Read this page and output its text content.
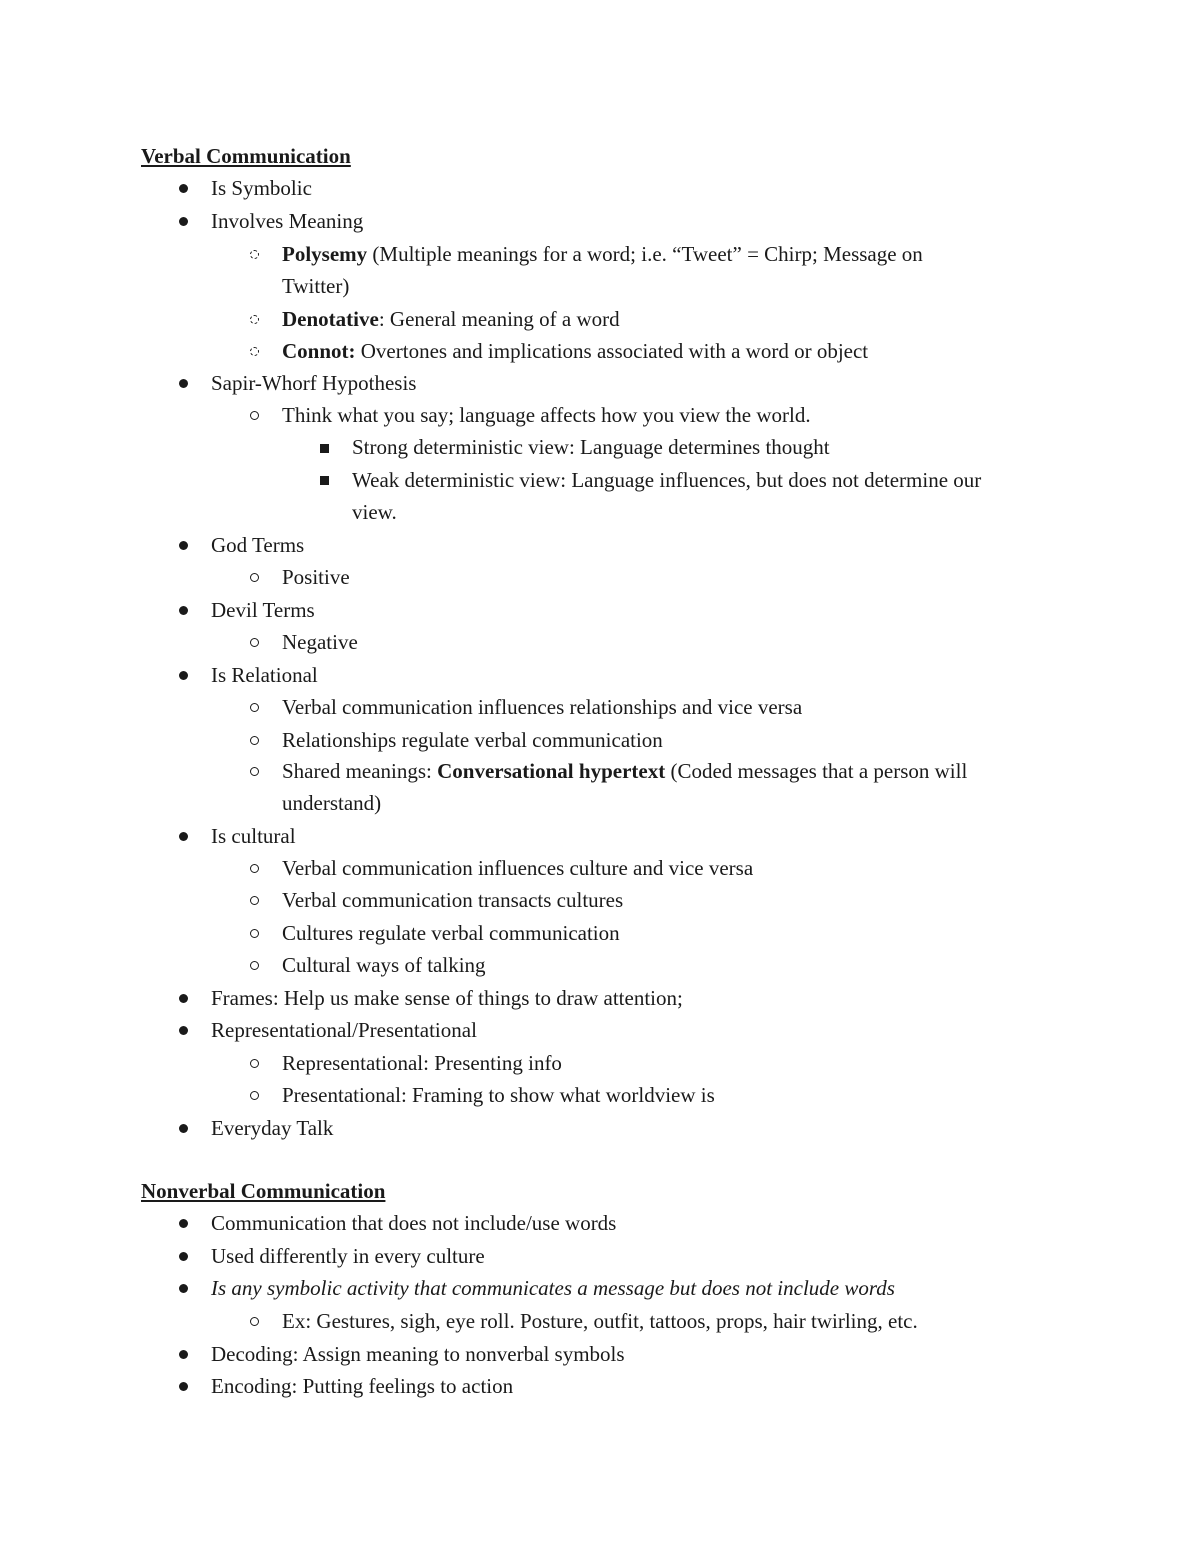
Verbal Communication
Is Symbolic
Involves Meaning
Polysemy (Multiple meanings for a word; i.e. “Tweet” = Chirp; Message on
Twitter)
Denotative: General meaning of a word
Connot: Overtones and implications associated with a word or object
Sapir-Whorf Hypothesis
Think what you say; language affects how you view the world.
Strong deterministic view: Language determines thought
Weak deterministic view: Language influences, but does not determine our
view.
God Terms
Positive
Devil Terms
Negative
Is Relational
Verbal communication influences relationships and vice versa
Relationships regulate verbal communication
Shared meanings: Conversational hypertext (Coded messages that a person will
understand)
Is cultural
Verbal communication influences culture and vice versa
Verbal communication transacts cultures
Cultures regulate verbal communication
Cultural ways of talking
Frames: Help us make sense of things to draw attention;
Representational/Presentational
Representational: Presenting info
Presentational: Framing to show what worldview is
Everyday Talk
Nonverbal Communication
Communication that does not include/use words
Used differently in every culture
Is any symbolic activity that communicates a message but does not include words
Ex: Gestures, sigh, eye roll. Posture, outfit, tattoos, props, hair twirling, etc.
Decoding: Assign meaning to nonverbal symbols
Encoding: Putting feelings to action
